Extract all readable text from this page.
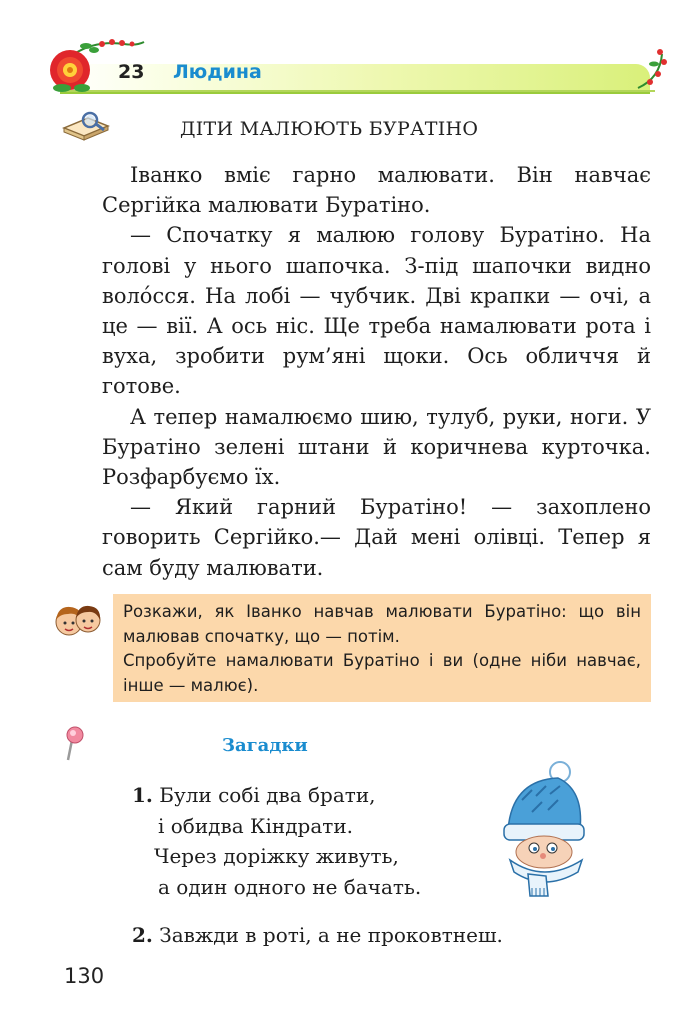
23 Людина
ДІТИ МАЛЮЮТЬ БУРАТІНО

Іванко вміє гарно малювати. Він навчає Сергійка малювати Буратіно.

— Спочатку я малюю голову Буратіно. На голові у нього шапочка. З-під шапочки видно воло́сся. На лобі — чубчик. Дві крапки — очі, а це — вії. А ось ніс. Ще треба намалювати рота і вуха, зробити рум’яні щоки. Ось обличчя й готове.

А тепер намалюємо шию, тулуб, руки, ноги. У Буратіно зелені штани й коричнева курточка. Розфарбуємо їх.

— Який гарний Буратіно! — захоплено говорить Сергійко.— Дай мені олівці. Тепер я сам буду малювати.

Розкажи, як Іванко навчав малювати Буратіно: що він малював спочатку, що — потім.

Спробуйте намалювати Буратіно і ви (одне ніби навчає, інше — малює).

Загадки
1. Були собі два брати,
і обидва Кіндрати.
Через доріжку живуть,
а один одного не бачать.
2. Завжди в роті, а не проковтнеш.
130
